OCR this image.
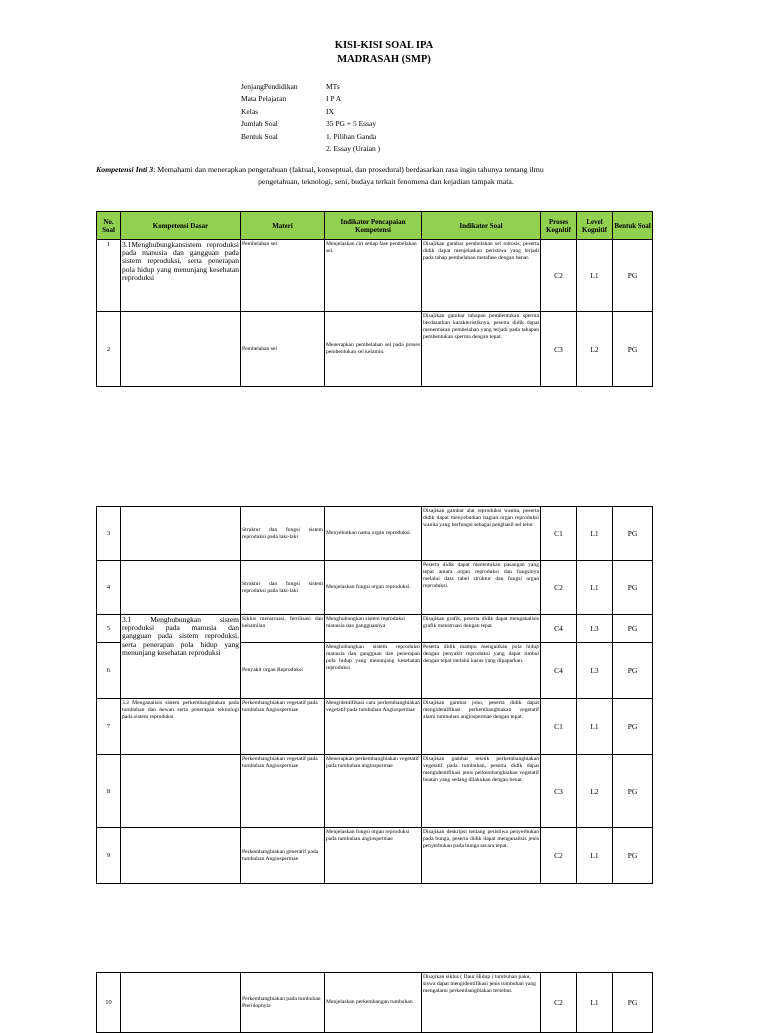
KISI-KISI SOAL IPA
MADRASAH (SMP)
JenjangPendidikan	MTs
Mata Pelajaran	I P A
Kelas	IX
Jumlah Soal	35 PG + 5 Essay
Bentuk Soal	1. Pilihan Ganda
2. Essay (Uraian )
Kompetensi Inti 3: Memahami dan menerapkan pengetahuan (faktual, konseptual, dan prosedural) berdasarkan rasa ingin tahunya tentang ilmu
pengetahuan, teknologi, seni, budaya terkait fenomena dan kejadian tampak mata.
No. Soal	Kompetensi Dasar	Materi	Indikator Pencapaian Kompetensi	Indikator Soal	Proses Kognitif	Level Kognitif	Bentuk Soal
1	3.1Menghubungkansistem reproduksi pada manusia dan gangguan pada sistem reproduksi, serta penerapan pola hidup yang menunjang kesehatan reproduksi	Pembelahan sel	Menjelaskan ciri setiap fase pembelahan sel.	Disajikan gambar pembelahan sel mitosis, peserta didik dapat menjelaskan peristiwa yang terjadi pada tahap pembelahan metafase dengan benar.	C2	L1	PG
2		Pembelahan sel	Menerapkan pembelahan sel pada proses pembentukan sel kelamin.	Disajikan gambar tahapan pembentukan sperma berdasarkan karakteristiknya, peserta didik dapat menentukan pembelahan yang terjadi pada tahapan pembentukan sperma dengan tepat.	C3	L2	PG
3		Struktur dan fungsi sistem reproduksi pada laki-laki	Menyebutkan nama organ reproduksi.	Disajikan gambar alat reproduksi wanita, peserta didik dapat menyebutkan bagian organ reproduksi wanita yang berfungsi sebagai penghasil sel telur	C1	L1	PG
4		Struktur dan fungsi sistem reproduksi pada laki-laki	Menjelaskan fungsi organ reproduksi.	Peserta didik dapat menentukan pasangan yang tepat antara organ reproduksi dan fungsinya melalui data tabel struktur dan fungsi organ reproduksi.	C2	L1	PG
5	3.1 Menghubungkan sistem reproduksi pada manusia dan gangguan pada sistem reproduksi, serta penerapan pola hidup yang menunjang kesehatan reproduksi	Siklus menstruasi, fertilisasi dan kehamilan	Menghubungkan sistem reproduksi manusia dan gangguannya	Disajikan grafik, peserta didik dapat menganalisis grafik menstruasi dengan tepat.	C4	L3	PG
6		Penyakit organ Reproduksi	Menghubungkan sistem reproduksi manusia dan gangguan dan penerapan pola hidup yang menunjang kesehatan reproduksi	Peserta didik mampu mengaitkan pola hidup dengan penyakit reproduksi yang dapat timbul dengan tepat melalui kasus yang dipaparkan.	C4	L3	PG
7	3.2 Menganalisis sistem perkembangbiakan pada tumbuhan dan hewan serta penerapan teknologi pada sistem reproduksi	Perkembangbiakan vegetatif pada tumbuhan Angiospermae	Mengidentifikasi cara perkembangbiakan vegetatif pada tumbuhan Angiospermae	Disajikan gambar joho, peserta didik dapat mengidentifikasi perkembangbiakan vegetatif alami tumbuhan angiospermae dengan tepat.	C1	L1	PG
8		Perkembangbiakan vegetatif pada tumbuhan Angiospermae	Menerapkan perkembangbiakan vegetatif pada tumbuhan angiospermae	Disajikan gambar teknik perkembangbiakan vegetatif pada tumbuhan, peserta didik dapat mengidentifikasi jenis perkembangbiakan vegetatif buatan yang sedang dilakukan dengan benar.	C3	L2	PG
9		Perkembangbiakan generatif pada tumbuhan Angiospermae	Menjelaskan fungsi organ reproduksi pada tumbuhan angiospermae	Disajikan deskripsi tentang peristiwa penyerbukan pada bunga, peserta didik dapat menganalisis jenis penyerbukan pada bunga secara tepat.	C2	L1	PG
10		Perkembangbiakan pada tumbuhan Pteridophyta	Menjelaskan perkembangan tumbuhan	Disajikan siklus ( Daur Hidup ) tumbuhan paku, siswa dapat mengidentifikasi jenis tumbuhan yang mengalami perkembangbiakan tersebut.	C2	L1	PG
